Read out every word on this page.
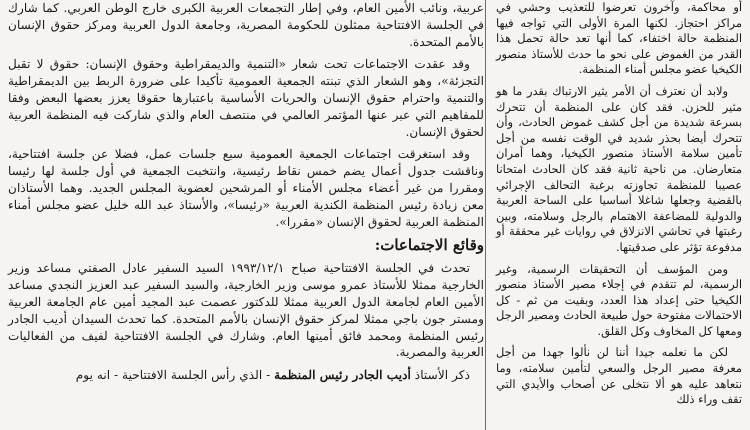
أو محاكمة، وآخرون تعرضوا للتعذيب وحشي في مراكز احتجاز. لكنها المرة الأولى التي تواجه فيها المنظمة حالة اختفاء، كما أنها تعد حالة تحمل هذا القدر من الغموض على نحو ما حدث للأستاذ منصور الكيخيا عضو مجلس أمناء المنظمة.

ولابد أن نعترف أن الأمر يثير الارتباك بقدر ما هو مثير للحزن. فقد كان على المنظمة أن تتحرك بسرعة شديدة من أجل كشف غموض الحادث، وأن تتحرك أيضا بحذر شديد في الوقت نفسه من أجل تأمين سلامة الأستاذ منصور الكيخيا، وهما أمران متعارضان. من ناحية ثانية فقد كان الحادث امتحانا عصيبا للمنظمة تجاوزته برغبة التحالف الإجرائي بالقضية وجعلها شاغلا أساسيا على الساحة العربية والدولية للمضاعفة الاهتمام بالرجل وسلامته، وبين رغبتها في تحاشي الانزلاق في روايات غير محققة أو مدفوعة تؤثر على صدقيتها.

ومن المؤسف أن التحقيقات الرسمية، وغير الرسمية، لم تتقدم في إجلاء مصير الأستاذ منصور الكيخيا حتى إعداد هذا العدد، وبقيت من ثم - كل الاحتمالات مفتوحة حول طبيعة الحادث ومصير الرجل ومعها كل المخاوف وكل القلق.

لكن ما نعلمه جيدا أننا لن نألوا جهدا من أجل معرفة مصير الرجل والسعي لتأمين سلامته، وما نتعاهد عليه هو ألا نتخلى عن أصحاب والأيدي التي تقف وراء ذلك

عربية، ونائب الأمين العام، وفي إطار التجمعات العربية الكبرى خارج الوطن العربي. كما شارك في الجلسة الافتتاحية ممثلون للحكومة المصرية، وجامعة الدول العربية ومركز حقوق الإنسان بالأمم المتحدة.

وقد عقدت الاجتماعات تحت شعار «التنمية والديمقراطية وحقوق الإنسان: حقوق لا تقبل التجزئة»، وهو الشعار الذي تبنته الجمعية العمومية تأكيدا على ضرورة الربط بين الديمقراطية والتنمية واحترام حقوق الإنسان والحريات الأساسية باعتبارها حقوقا يعزز بعضها البعض وفقا للمفاهيم التي عبر عنها المؤتمر العالمي في منتصف العام والذي شاركت فيه المنظمة العربية لحقوق الإنسان.

وقد استغرقت اجتماعات الجمعية العمومية سبع جلسات عمل، فضلا عن جلسة افتتاحية، وناقشت جدول أعمال يضم خمس نقاط رئيسية، وانتخبت الجمعية في أول جلسة لها رئيسا ومقررا من غير أعضاء مجلس الأمناء أو المرشحين لعضوية المجلس الجديد. وهما الأستاذان معن زيادة رئيس المنظمة الكندية العربية «رئيسا»، والأستاذ عبد الله خليل عضو مجلس أمناء المنظمة العربية لحقوق الإنسان «مقررا».

وقائع الاجتماعات:

تحدث في الجلسة الافتتاحية صباح ١٩٩٣/١٢/١ السيد السفير عادل الصفتي مساعد وزير الخارجية ممثلا للأستاذ عمرو موسى وزير الخارجية، والسيد السفير عبد العزيز النجدي مساعد الأمين العام لجامعة الدول العربية ممثلا للدكتور عصمت عبد المجيد أمين عام الجامعة العربية ومستر جون باجي ممثلا لمركز حقوق الإنسان بالأمم المتحدة. كما تحدث السيدان أديب الجادر رئيس المنظمة ومحمد فائق أمينها العام. وشارك في الجلسة الافتتاحية لفيف من الفعاليات العربية والمصرية.

ذكر الأستاذ أديب الجادر رئيس المنظمة - الذي رأس الجلسة الافتتاحية - انه يوم
